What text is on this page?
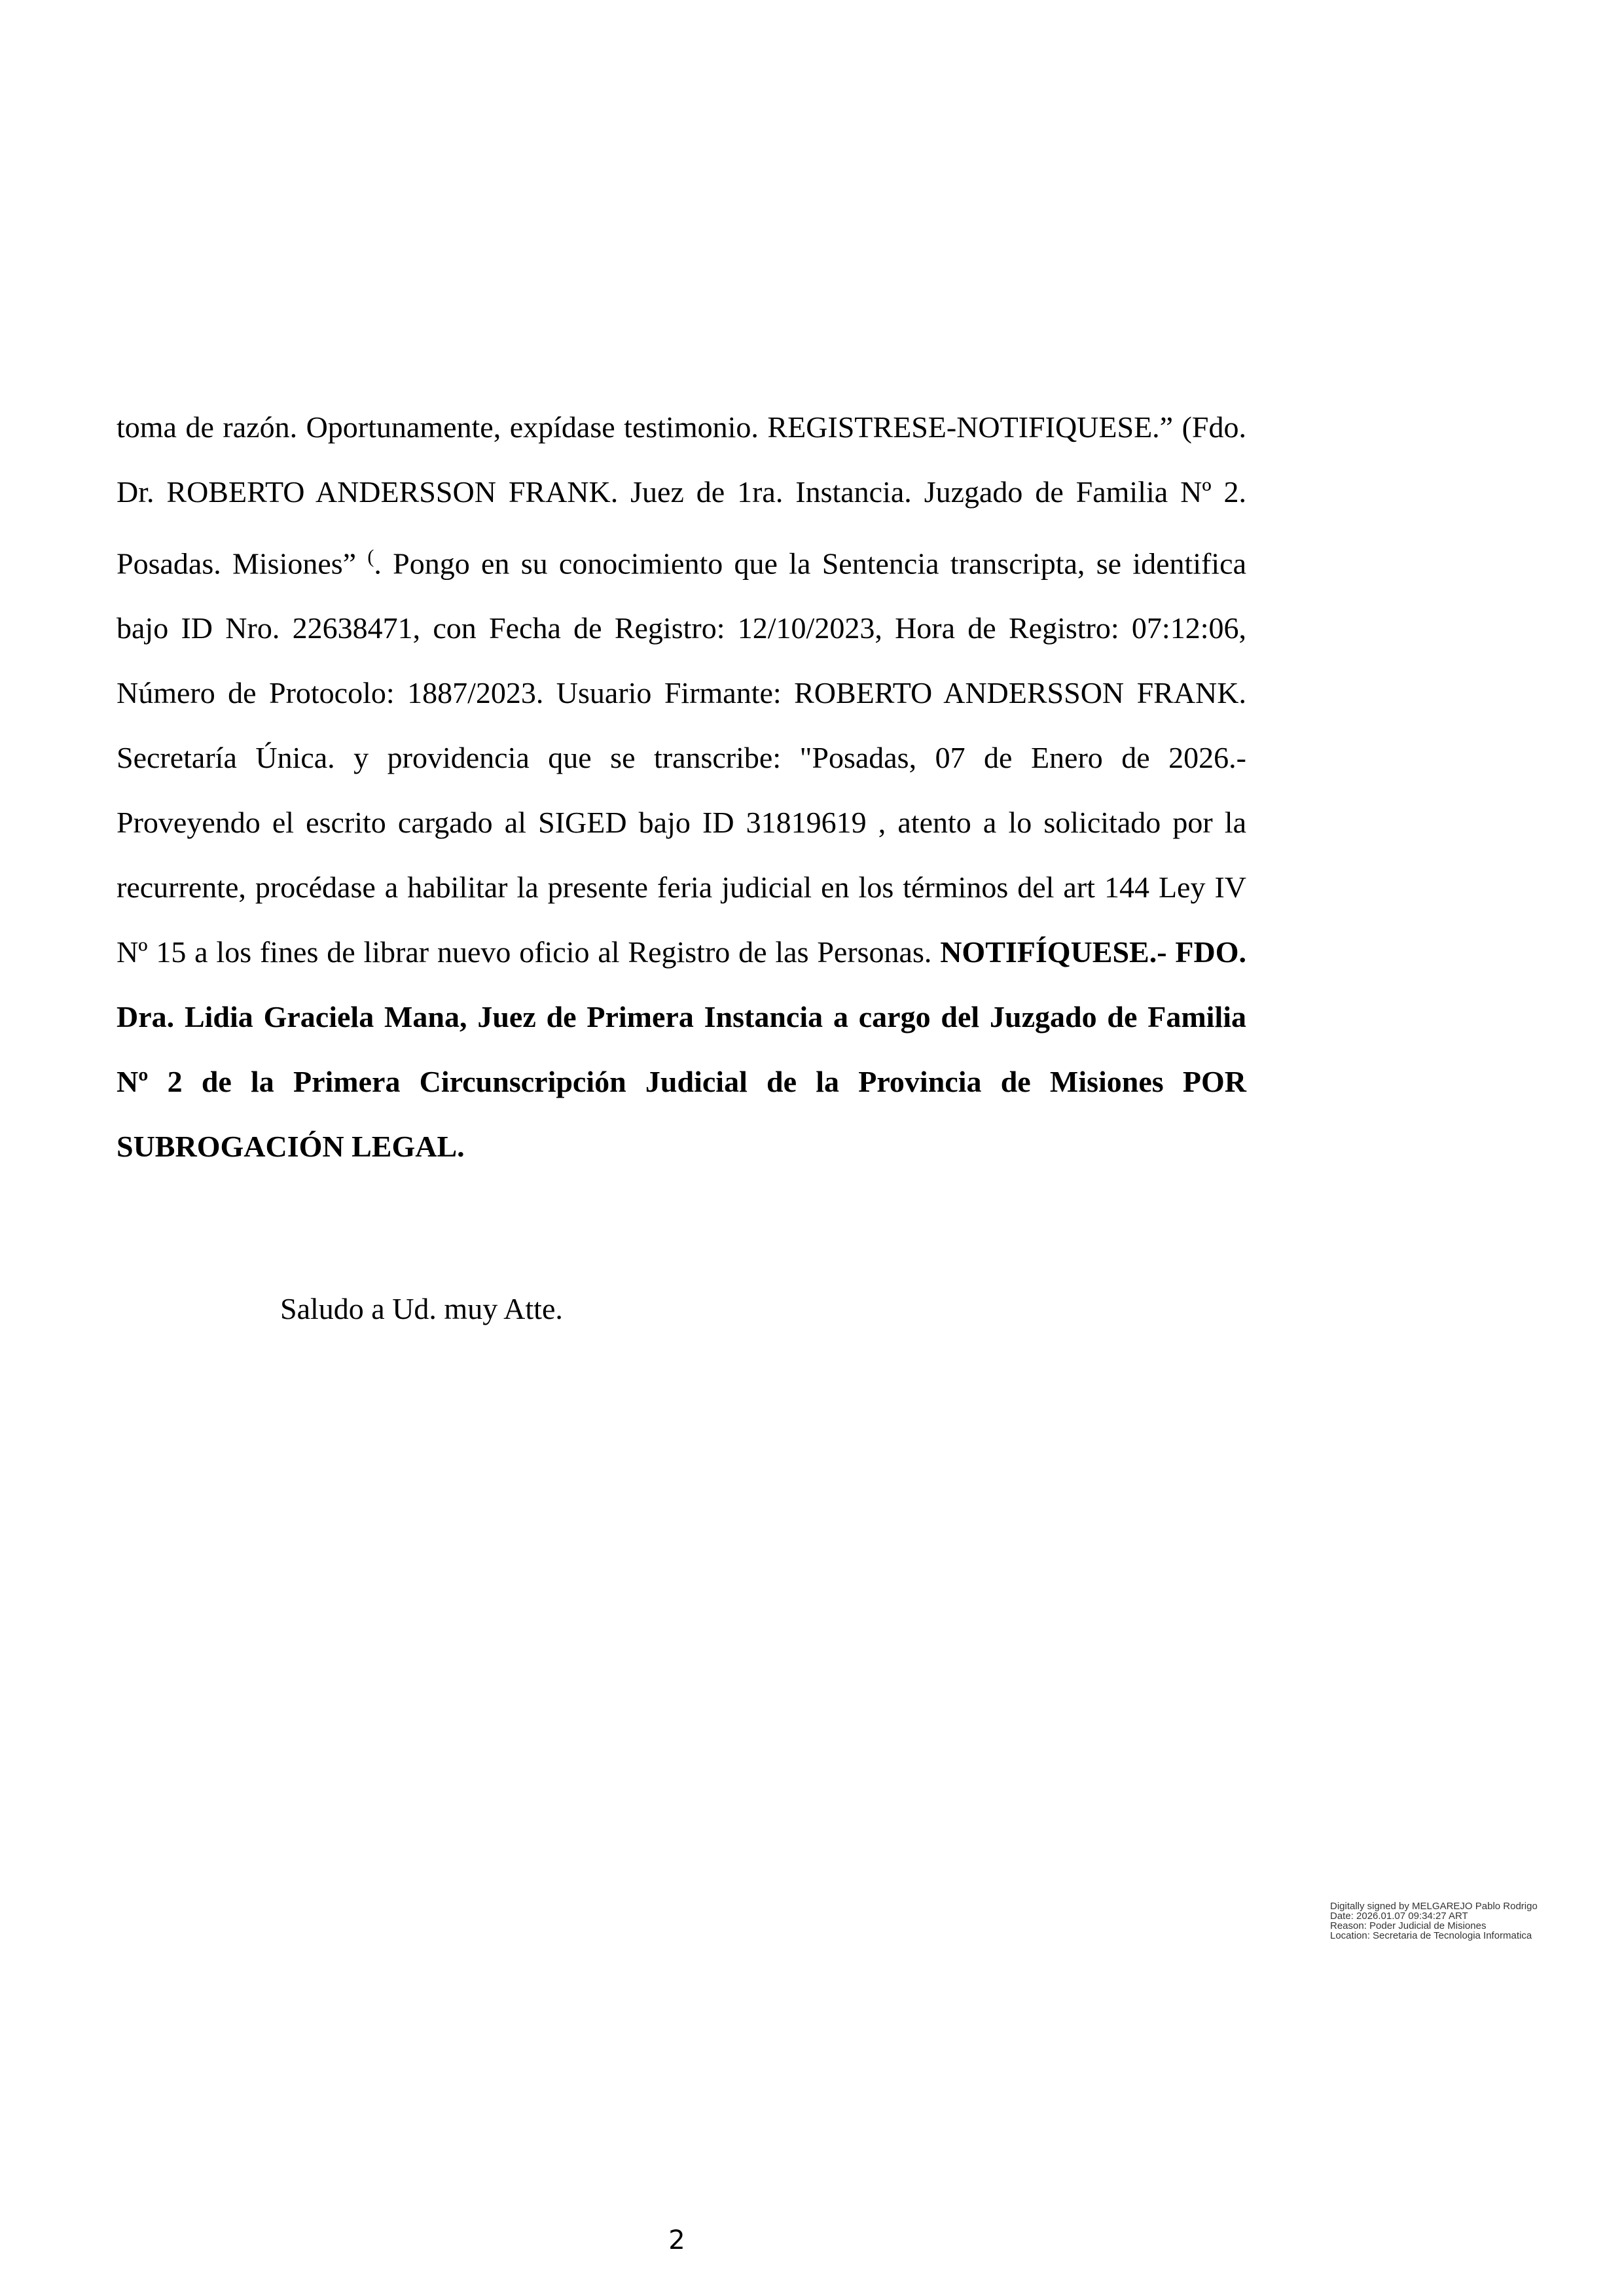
toma de razón. Oportunamente, expídase testimonio. REGISTRESE-NOTIFIQUESE.” (Fdo. Dr. ROBERTO ANDERSSON FRANK. Juez de 1ra. Instancia. Juzgado de Familia Nº 2. Posadas. Misiones” (. Pongo en su conocimiento que la Sentencia transcripta, se identifica bajo ID Nro. 22638471, con Fecha de Registro: 12/10/2023, Hora de Registro: 07:12:06, Número de Protocolo: 1887/2023. Usuario Firmante: ROBERTO ANDERSSON FRANK. Secretaría Única. y providencia que se transcribe: "Posadas, 07 de Enero de 2026.- Proveyendo el escrito cargado al SIGED bajo ID 31819619 , atento a lo solicitado por la recurrente, procédase a habilitar la presente feria judicial en los términos del art 144 Ley IV Nº 15 a los fines de librar nuevo oficio al Registro de las Personas. NOTIFÍQUESE.- FDO. Dra. Lidia Graciela Mana, Juez de Primera Instancia a cargo del Juzgado de Familia Nº 2 de la Primera Circunscripción Judicial de la Provincia de Misiones POR SUBROGACIÓN LEGAL.

Saludo a Ud. muy Atte.

Digitally signed by MELGAREJO Pablo Rodrigo
Date: 2026.01.07 09:34:27 ART
Reason: Poder Judicial de Misiones
Location: Secretaria de Tecnologia Informatica
2
